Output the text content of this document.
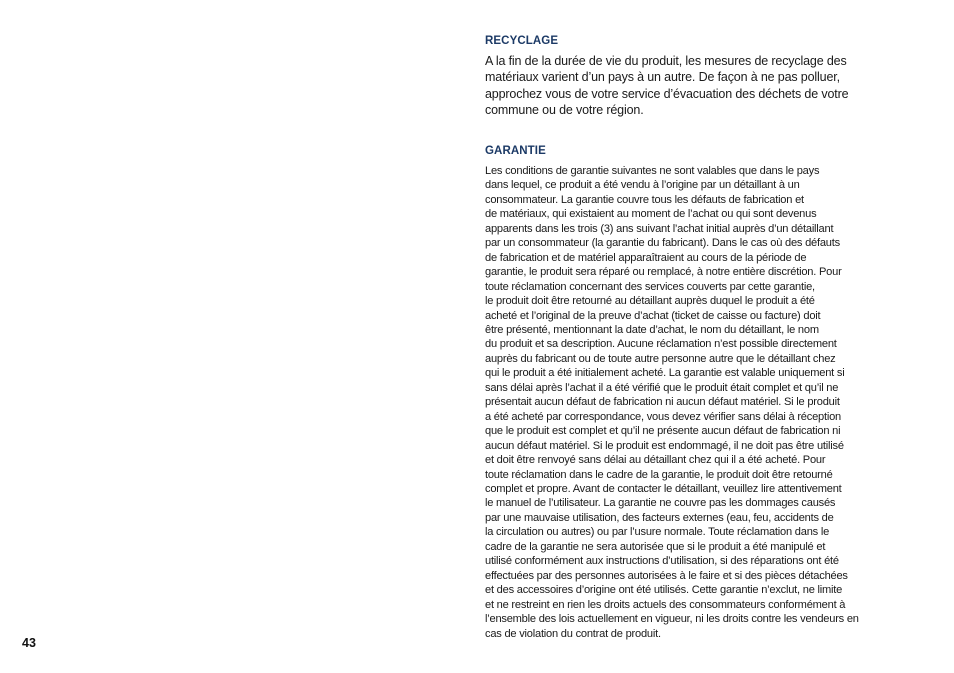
43
RECYCLAGE
A la fin de la durée de vie du produit, les mesures de recyclage des
matériaux varient d’un pays à un autre. De façon à ne pas polluer,
approchez vous de votre service d’évacuation des déchets de votre
commune ou de votre région.
GARANTIE
Les conditions de garantie suivantes ne sont valables que dans le pays
dans lequel, ce produit a été vendu à l’origine par un détaillant à un
consommateur. La garantie couvre tous les défauts de fabrication et
de matériaux, qui existaient au moment de l’achat ou qui sont devenus
apparents dans les trois (3) ans suivant l’achat initial auprès d’un détaillant
par un consommateur (la garantie du fabricant). Dans le cas où des défauts
de fabrication et de matériel apparaîtraient au cours de la période de
garantie, le produit sera réparé ou remplacé, à notre entière discrétion. Pour
toute réclamation concernant des services couverts par cette garantie,
le produit doit être retourné au détaillant auprès duquel le produit a été
acheté et l’original de la preuve d’achat (ticket de caisse ou facture) doit
être présenté, mentionnant la date d’achat, le nom du détaillant, le nom
du produit et sa description. Aucune réclamation n’est possible directement
auprès du fabricant ou de toute autre personne autre que le détaillant chez
qui le produit a été initialement acheté. La garantie est valable uniquement si
sans délai après l’achat il a été vérifié que le produit était complet et qu’il ne
présentait aucun défaut de fabrication ni aucun défaut matériel. Si le produit
a été acheté par correspondance, vous devez vérifier sans délai à réception
que le produit est complet et qu’il ne présente aucun défaut de fabrication ni
aucun défaut matériel. Si le produit est endommagé, il ne doit pas être utilisé
et doit être renvoyé sans délai au détaillant chez qui il a été acheté. Pour
toute réclamation dans le cadre de la garantie, le produit doit être retourné
complet et propre. Avant de contacter le détaillant, veuillez lire attentivement
le manuel de l’utilisateur. La garantie ne couvre pas les dommages causés
par une mauvaise utilisation, des facteurs externes (eau, feu, accidents de
la circulation ou autres) ou par l’usure normale. Toute réclamation dans le
cadre de la garantie ne sera autorisée que si le produit a été manipulé et
utilisé conformément aux instructions d’utilisation, si des réparations ont été
effectuées par des personnes autorisées à le faire et si des pièces détachées
et des accessoires d’origine ont été utilisés. Cette garantie n’exclut, ne limite
et ne restreint en rien les droits actuels des consommateurs conformément à
l’ensemble des lois actuellement en vigueur, ni les droits contre les vendeurs en
cas de violation du contrat de produit.
